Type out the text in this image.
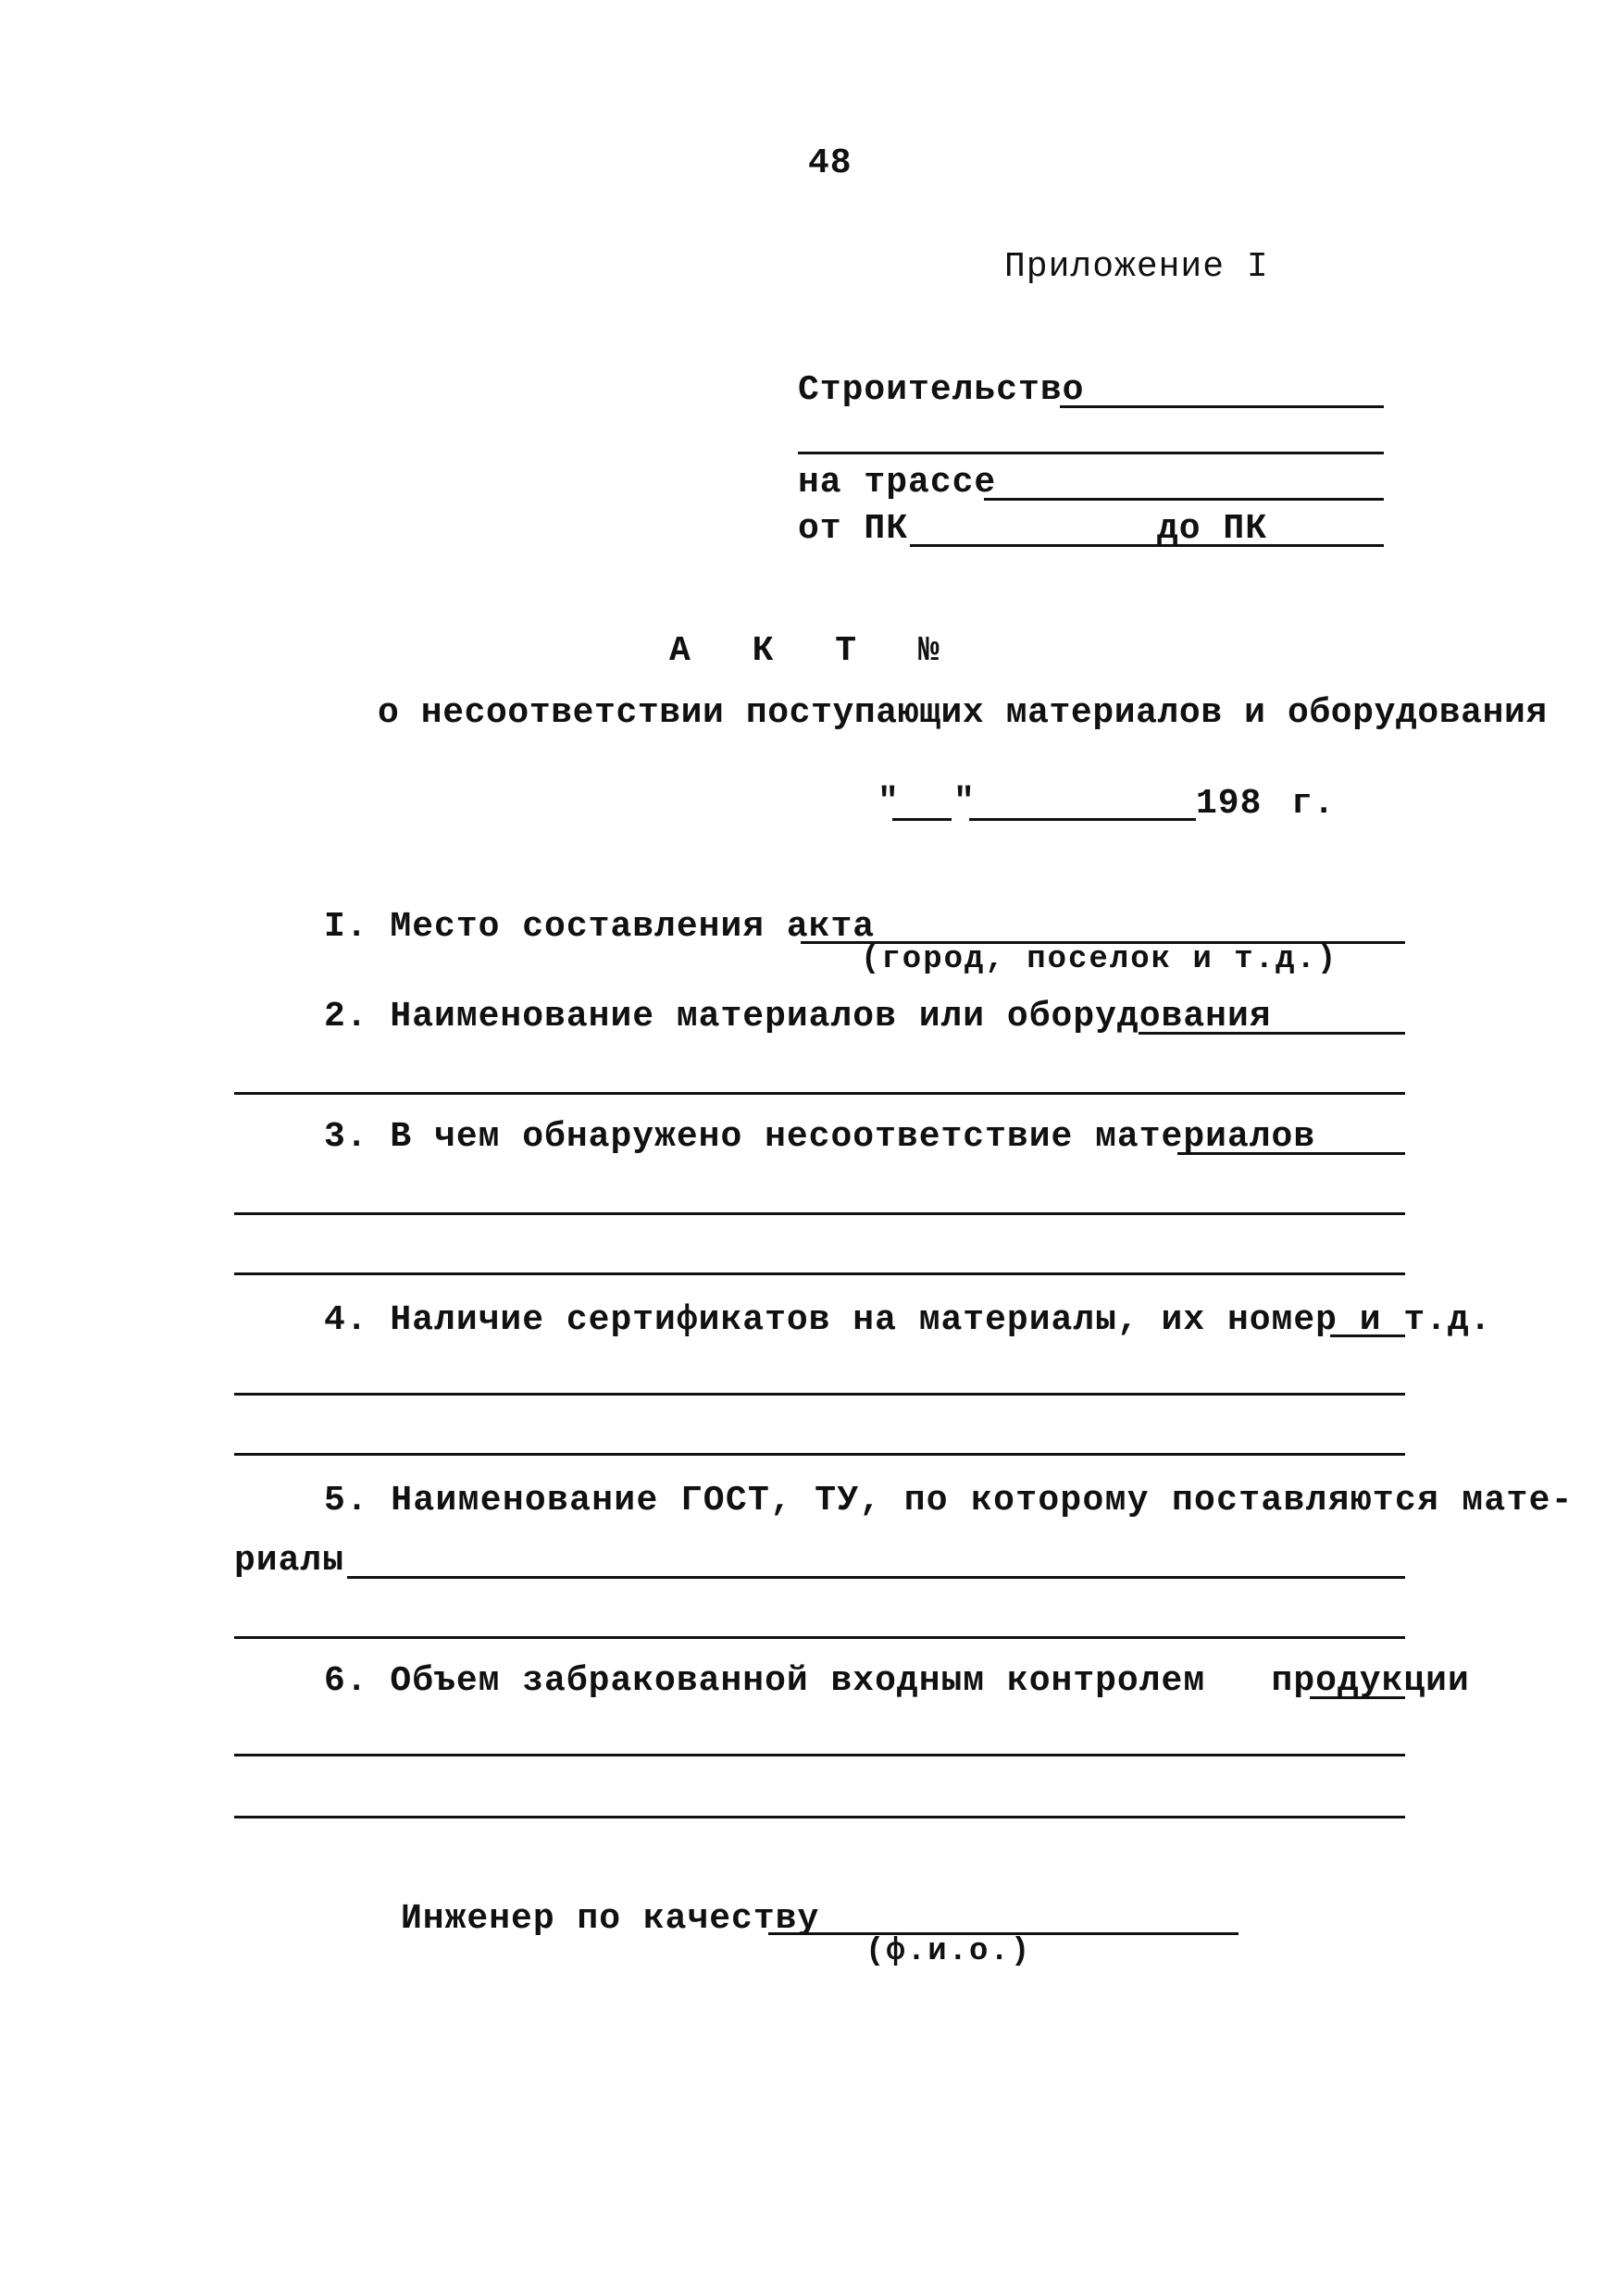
48
Приложение I
Строительство
на трассе
от ПК	до ПК
А К Т №
о несоответствии поступающих материалов и оборудования
" "	198 г.
I. Место составления акта
(город, поселок и т.д.)
2. Наименование материалов или оборудования
3. В чем обнаружено несоответствие материалов
4. Наличие сертификатов на материалы, их номер и т.д.
5. Наименование ГОСТ, ТУ, по которому поставляются мате-
риалы
6. Объем забракованной входным контролем   продукции
Инженер по качеству
(ф.и.о.)
